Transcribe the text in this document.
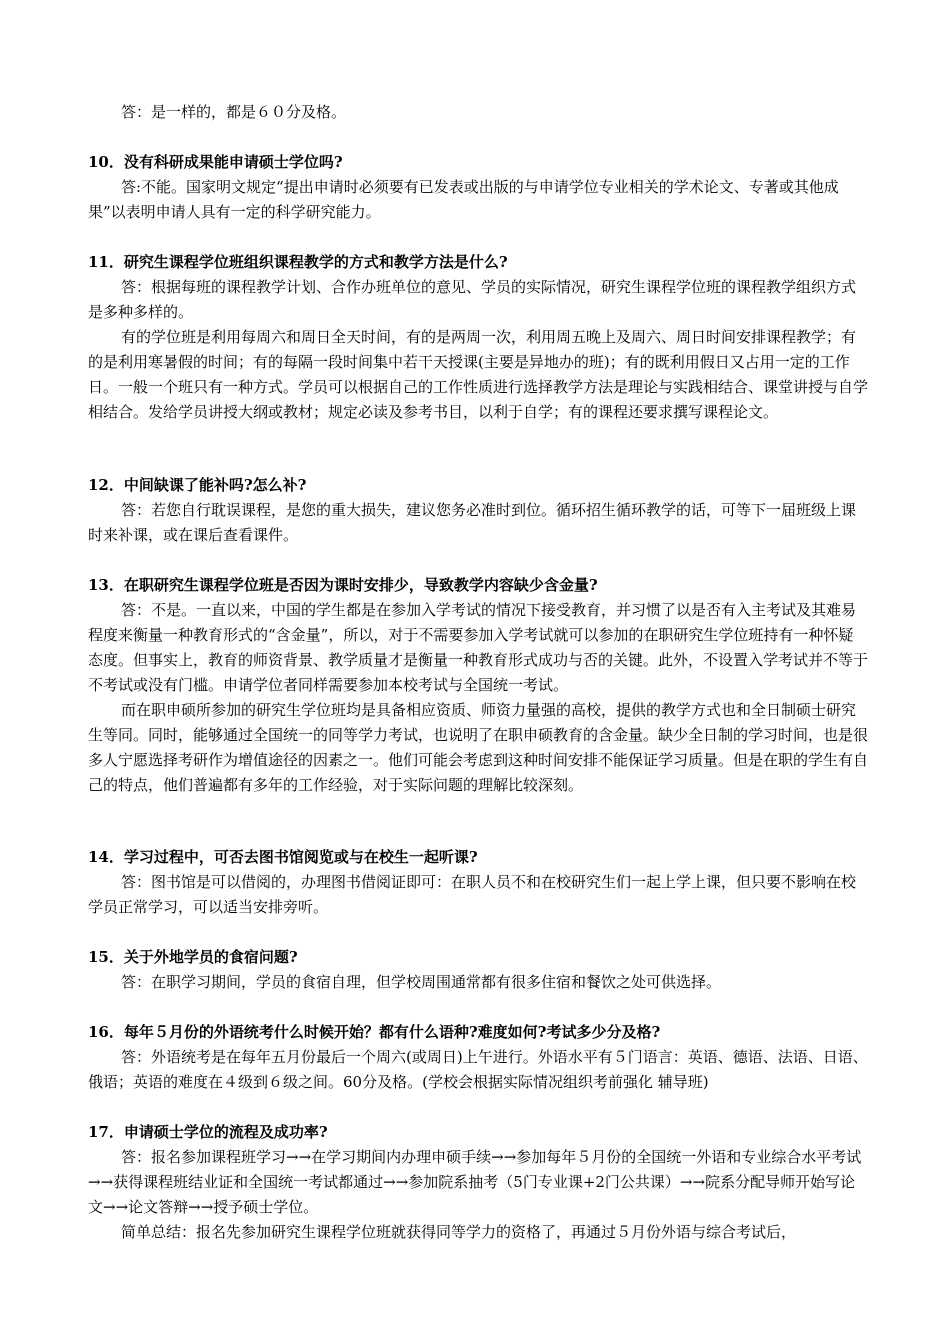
答：是一样的，都是６０分及格。

10．没有科研成果能申请硕士学位吗?

答:不能。国家明文规定“提出申请时必须要有已发表或出版的与申请学位专业相关的学术论文、专著或其他成果”以表明申请人具有一定的科学研究能力。

11．研究生课程学位班组织课程教学的方式和教学方法是什么?

答：根据每班的课程教学计划、合作办班单位的意见、学员的实际情况，研究生课程学位班的课程教学组织方式是多种多样的。

有的学位班是利用每周六和周日全天时间，有的是两周一次，利用周五晚上及周六、周日时间安排课程教学；有的是利用寒暑假的时间；有的每隔一段时间集中若干天授课(主要是异地办的班)；有的既利用假日又占用一定的工作日。一般一个班只有一种方式。学员可以根据自己的工作性质进行选择教学方法是理论与实践相结合、课堂讲授与自学相结合。发给学员讲授大纲或教材；规定必读及参考书目，以利于自学；有的课程还要求撰写课程论文。

12．中间缺课了能补吗?怎么补?

答：若您自行耽误课程，是您的重大损失，建议您务必准时到位。循环招生循环教学的话，可等下一届班级上课时来补课，或在课后查看课件。

13．在职研究生课程学位班是否因为课时安排少，导致教学内容缺少含金量?

答：不是。一直以来，中国的学生都是在参加入学考试的情况下接受教育，并习惯了以是否有入主考试及其难易程度来衡量一种教育形式的“含金量”，所以，对于不需要参加入学考试就可以参加的在职研究生学位班持有一种怀疑态度。但事实上，教育的师资背景、教学质量才是衡量一种教育形式成功与否的关键。此外，不设置入学考试并不等于不考试或没有门槛。申请学位者同样需要参加本校考试与全国统一考试。

而在职申硕所参加的研究生学位班均是具备相应资质、师资力量强的高校，提供的教学方式也和全日制硕士研究生等同。同时，能够通过全国统一的同等学力考试，也说明了在职申硕教育的含金量。缺少全日制的学习时间，也是很多人宁愿选择考研作为增值途径的因素之一。他们可能会考虑到这种时间安排不能保证学习质量。但是在职的学生有自己的特点，他们普遍都有多年的工作经验，对于实际问题的理解比较深刻。

14．学习过程中，可否去图书馆阅览或与在校生一起听课?

答：图书馆是可以借阅的，办理图书借阅证即可：在职人员不和在校研究生们一起上学上课，但只要不影响在校学员正常学习，可以适当安排旁听。

15．关于外地学员的食宿问题?

答：在职学习期间，学员的食宿自理，但学校周围通常都有很多住宿和餐饮之处可供选择。

16．每年５月份的外语统考什么时候开始？都有什么语种?难度如何?考试多少分及格?

答：外语统考是在每年五月份最后一个周六(或周日)上午进行。外语水平有５门语言：英语、德语、法语、日语、俄语；英语的难度在４级到６级之间。60分及格。(学校会根据实际情况组织考前强化 辅导班)

17．申请硕士学位的流程及成功率?

答：报名参加课程班学习→→在学习期间内办理申硕手续→→参加每年５月份的全国统一外语和专业综合水平考试→→获得课程班结业证和全国统一考试都通过→→参加院系抽考（5门专业课+2门公共课）→→院系分配导师开始写论文→→论文答辩→→授予硕士学位。

简单总结：报名先参加研究生课程学位班就获得同等学力的资格了，再通过５月份外语与综合考试后，
